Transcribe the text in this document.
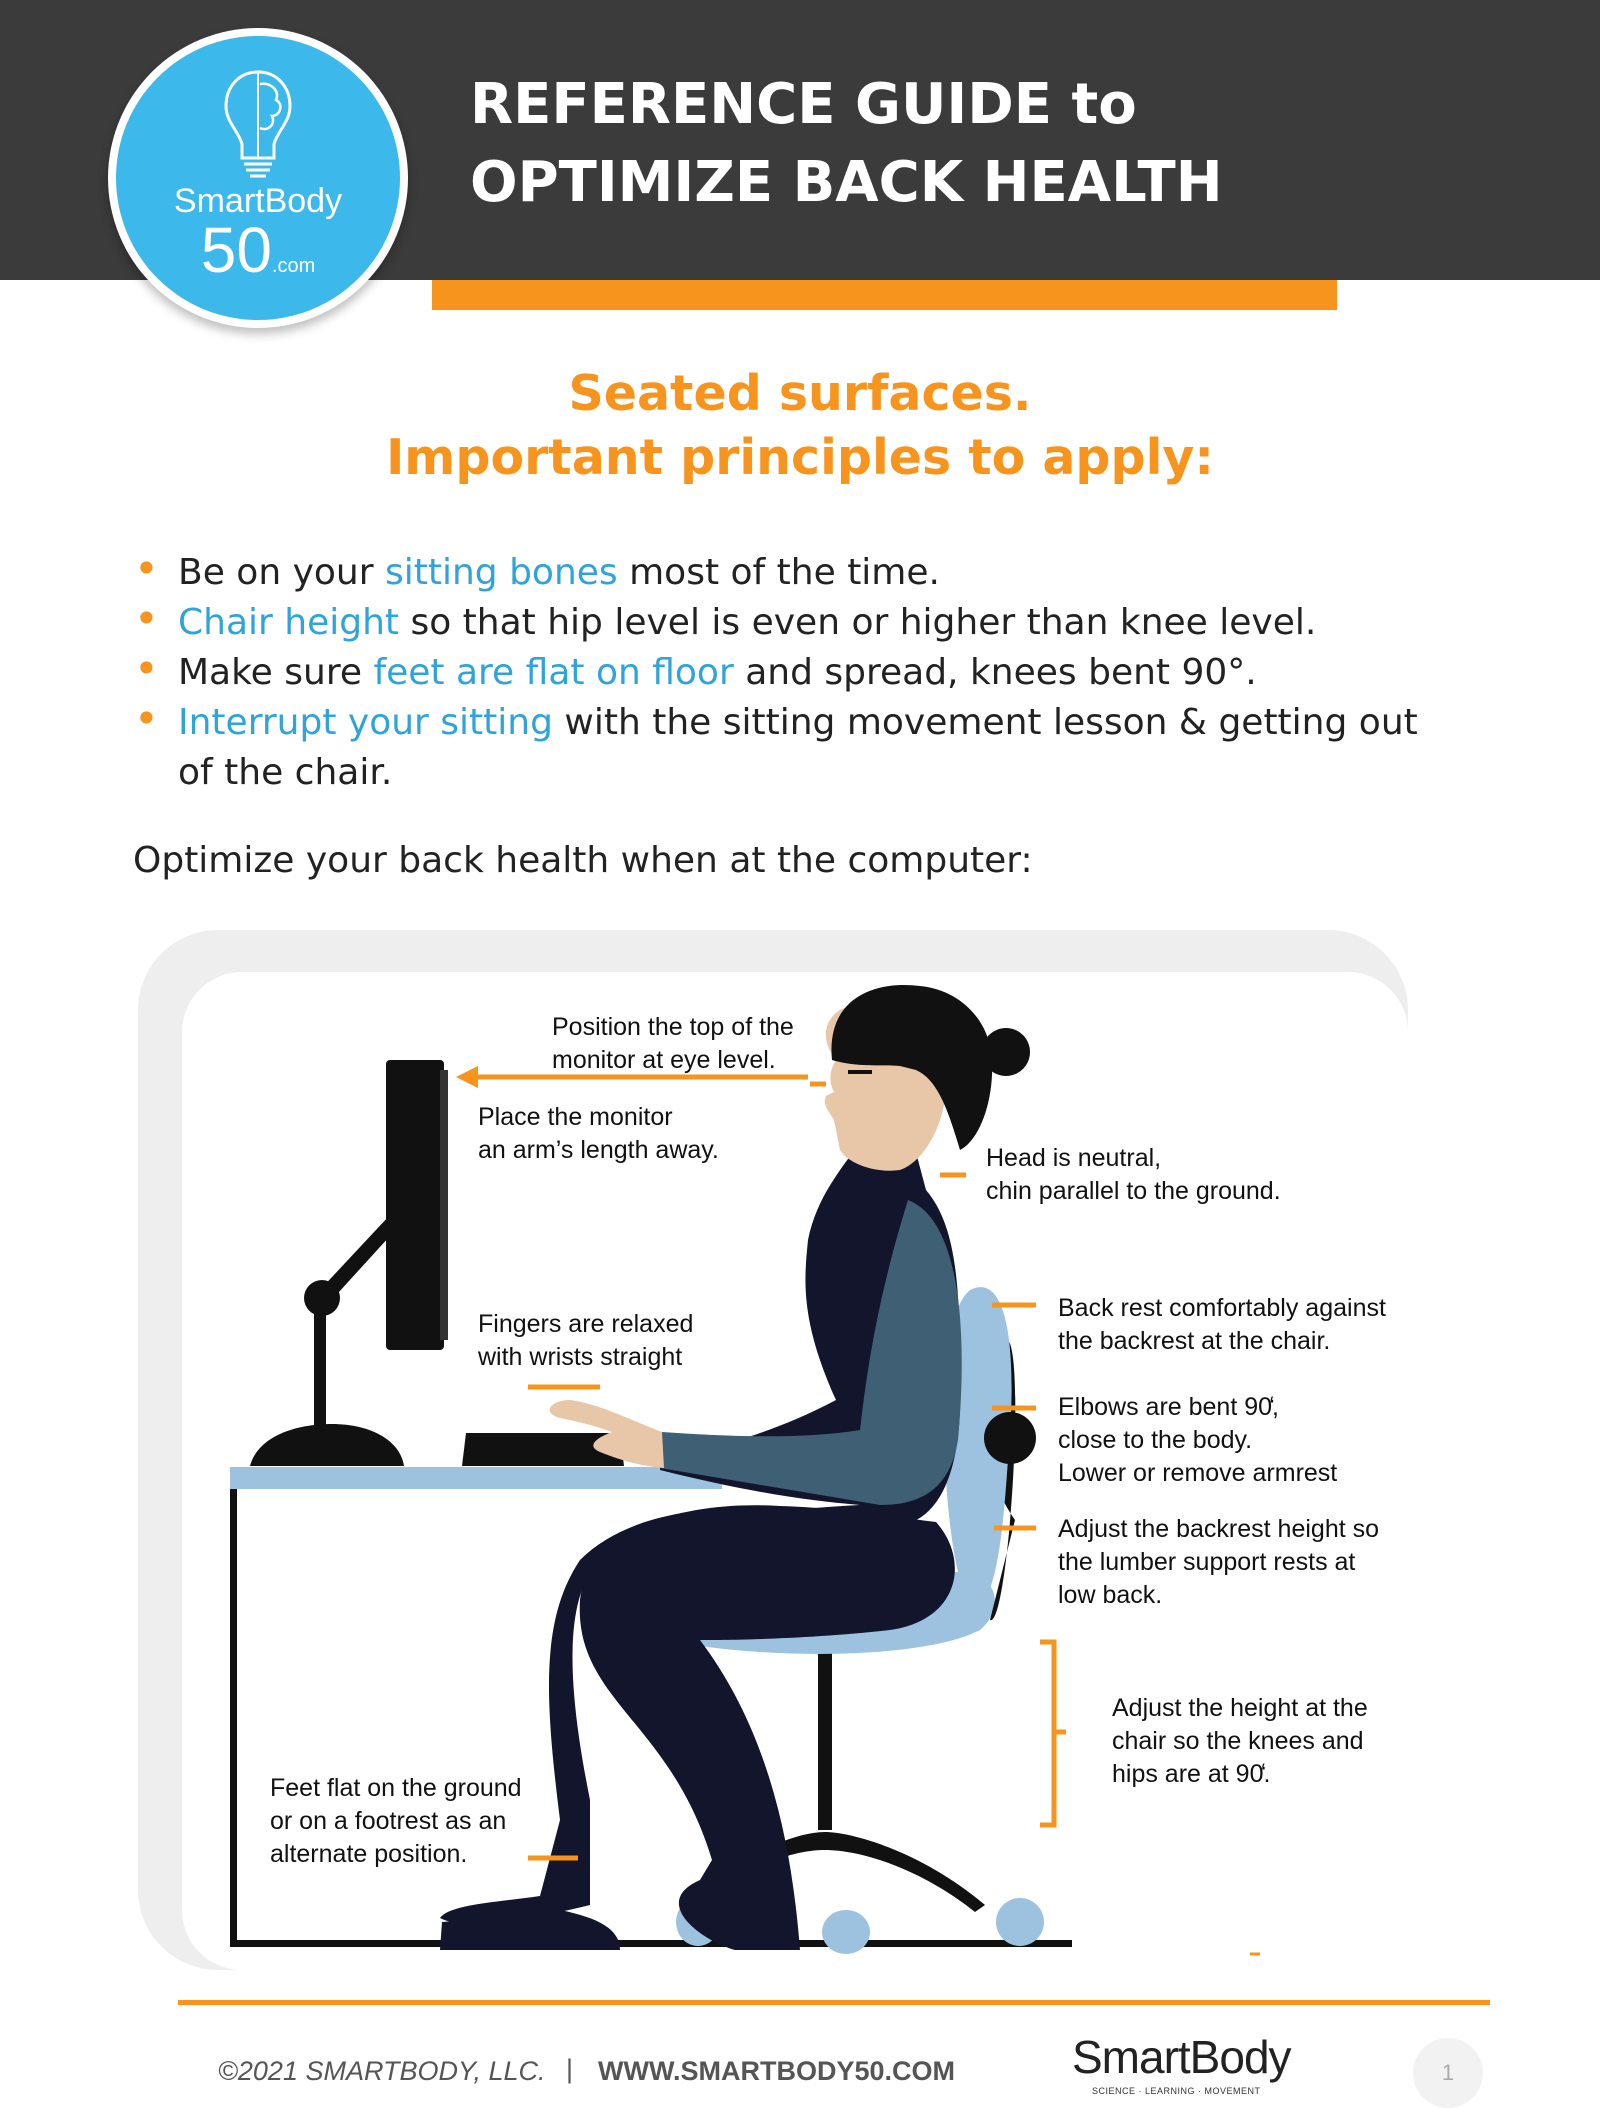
SmartBody
50.com
REFERENCE GUIDE to
OPTIMIZE BACK HEALTH
Seated surfaces.
Important principles to apply:
• Be on your sitting bones most of the time.
• Chair height so that hip level is even or higher than knee level.
• Make sure feet are flat on floor and spread, knees bent 90°.
• Interrupt your sitting with the sitting movement lesson & getting out of the chair.

Optimize your back health when at the computer:

Position the top of the
monitor at eye level.

Place the monitor
an arm’s length away.	Head is neutral,
chin parallel to the ground.

Fingers are relaxed
with wrists straight

Back rest comfortably against
the backrest at the chair.

Elbows are bent 90̒,
close to the body.
Lower or remove armrest

Adjust the backrest height so
the lumber support rests at
low back.

Adjust the height at the
chair so the knees and
hips are at 90̒.

Feet flat on the ground
or on a footrest as an
alternate position.

©2021 SMARTBODY, LLC. | WWW.SMARTBODY50.COM	SmartBody
SCIENCE · LEARNING · MOVEMENT
1
